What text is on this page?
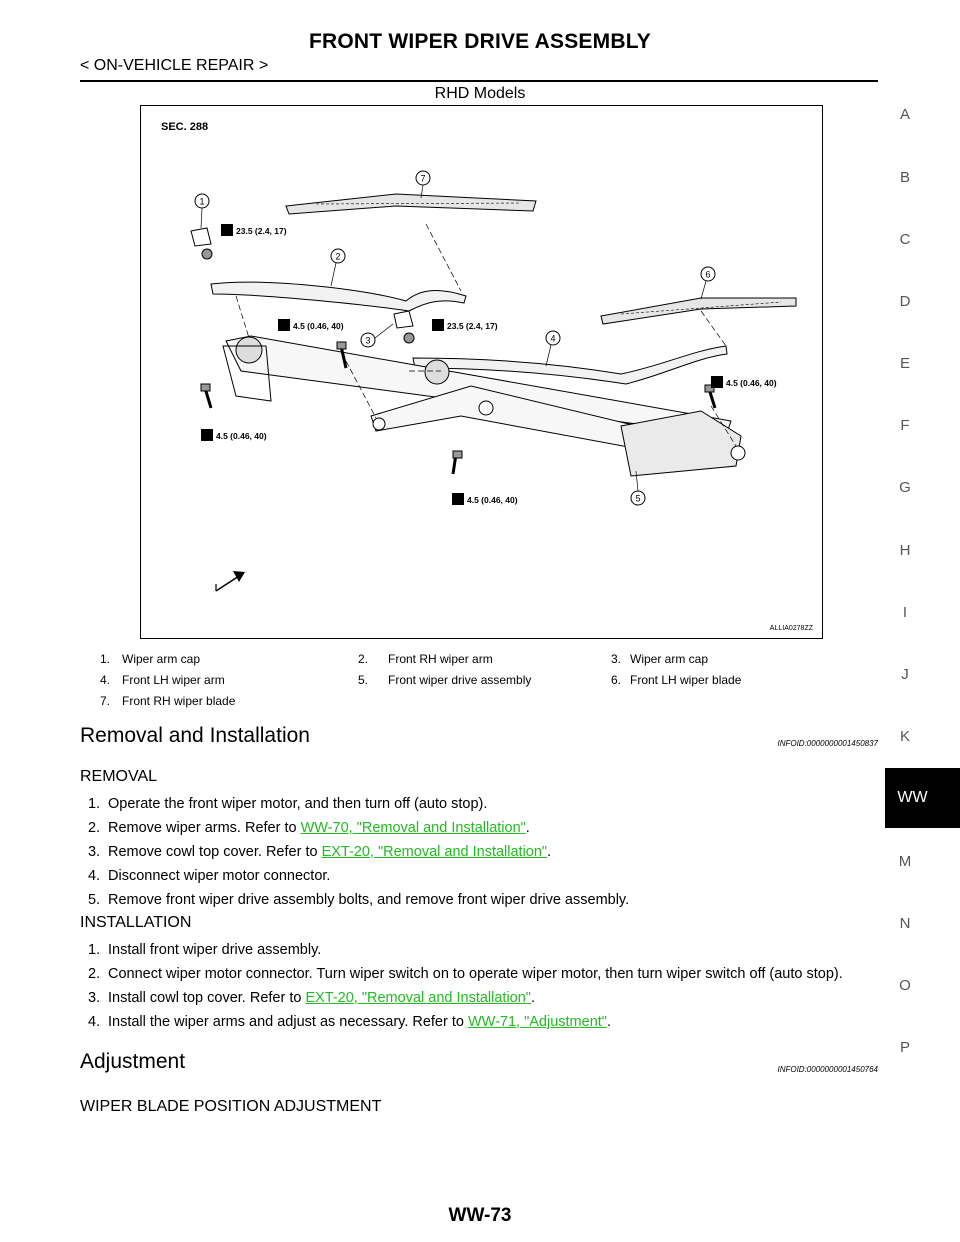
FRONT WIPER DRIVE ASSEMBLY
< ON-VEHICLE REPAIR >
RHD Models
SEC. 288
23.5 (2.4, 17)
4.5 (0.46, 40)	23.5 (2.4, 17)
4.5 (0.46, 40)
4.5 (0.46, 40)
4.5 (0.46, 40)
1
2
3	4
5
6
7
ALLIA0278ZZ
1. Wiper arm cap	2. Front RH wiper arm	3. Wiper arm cap
4. Front LH wiper arm	5. Front wiper drive assembly	6. Front LH wiper blade
7. Front RH wiper blade
Removal and Installation	INFOID:0000000001450837
REMOVAL
1. Operate the front wiper motor, and then turn off (auto stop).
2. Remove wiper arms. Refer to WW-70, "Removal and Installation".
3. Remove cowl top cover. Refer to EXT-20, "Removal and Installation".
4. Disconnect wiper motor connector.
5. Remove front wiper drive assembly bolts, and remove front wiper drive assembly.
INSTALLATION
1. Install front wiper drive assembly.
2. Connect wiper motor connector. Turn wiper switch on to operate wiper motor, then turn wiper switch off (auto stop).
3. Install cowl top cover. Refer to EXT-20, "Removal and Installation".
4. Install the wiper arms and adjust as necessary. Refer to WW-71, "Adjustment".
Adjustment	INFOID:0000000001450764
WIPER BLADE POSITION ADJUSTMENT
A
B
C
D
E
F
G
H
I
J
K
WW
M
N
O
P
WW-73
